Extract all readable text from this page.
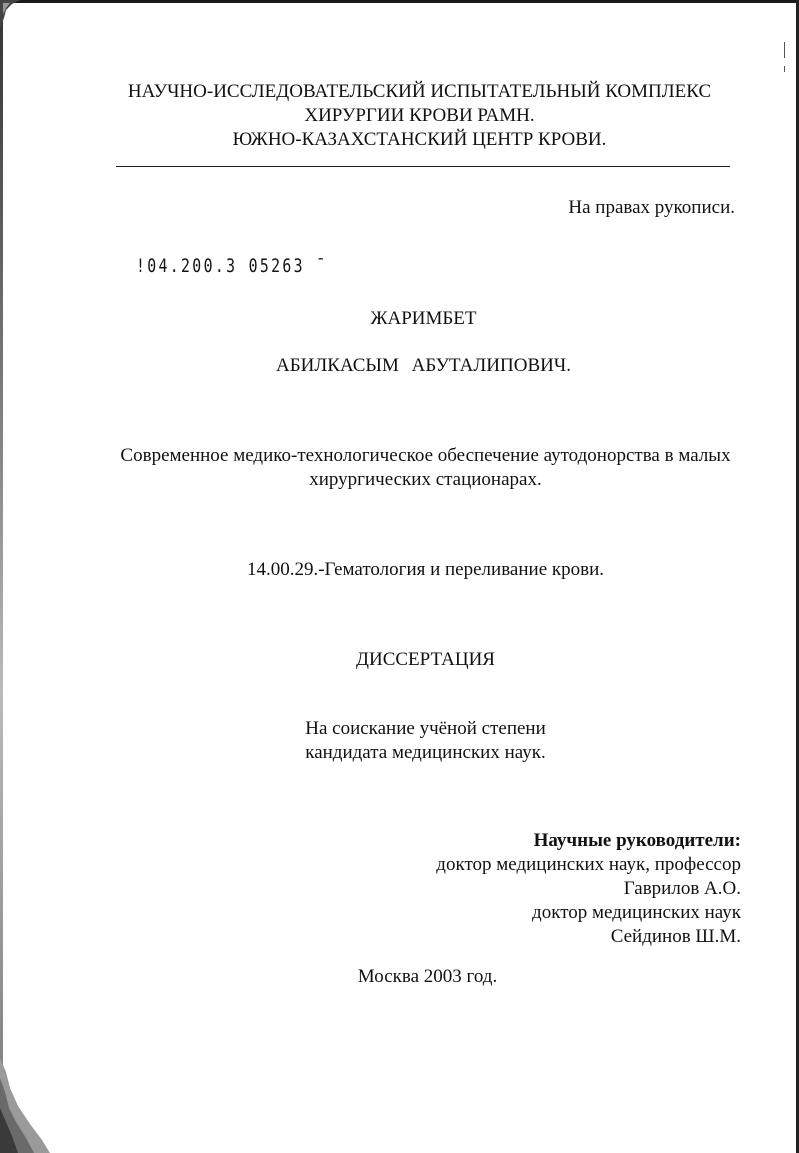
НАУЧНО-ИССЛЕДОВАТЕЛЬСКИЙ ИСПЫТАТЕЛЬНЫЙ КОМПЛЕКС
ХИРУРГИИ КРОВИ РАМН.
ЮЖНО-КАЗАХСТАНСКИЙ ЦЕНТР КРОВИ.
На правах рукописи.
!04.200.3 05263 ˉ
ЖАРИМБЕТ
АБИЛКАСЫМ АБУТАЛИПОВИЧ.
Современное медико-технологическое обеспечение аутодонорства в малых
хирургических стационарах.
14.00.29.-Гематология и переливание крови.
ДИССЕРТАЦИЯ
На соискание учёной степени
кандидата медицинских наук.
Научные руководители:
доктор медицинских наук, профессор
Гаврилов А.О.
доктор медицинских наук
Сейдинов Ш.М.
Москва 2003 год.
